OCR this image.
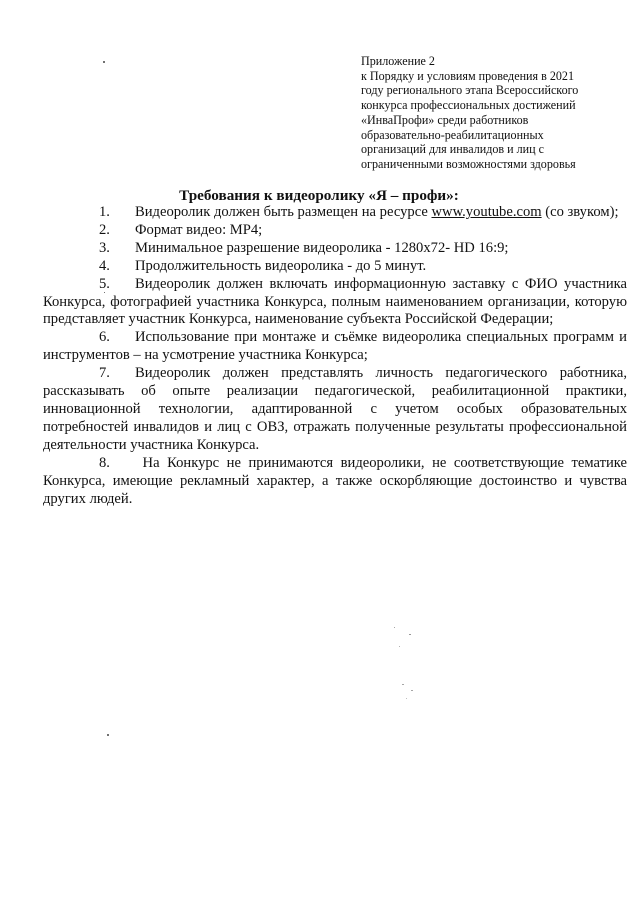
Приложение 2
к Порядку и условиям проведения в 2021
году регионального этапа Всероссийского
конкурса профессиональных достижений
«ИнваПрофи» среди работников
образовательно-реабилитационных
организаций для инвалидов и лиц с
ограниченными возможностями здоровья
Требования к видеоролику «Я – профи»:
1. Видеоролик должен быть размещен на ресурсе www.youtube.com (со звуком);
2. Формат видео: MP4;
3. Минимальное разрешение видеоролика - 1280х72- HD 16:9;
4. Продолжительность видеоролика - до 5 минут.
5. Видеоролик должен включать информационную заставку с ФИО участника Конкурса, фотографией участника Конкурса, полным наименованием организации, которую представляет участник Конкурса, наименование субъекта Российской Федерации;
6. Использование при монтаже и съёмке видеоролика специальных программ и инструментов – на усмотрение участника Конкурса;
7. Видеоролик должен представлять личность педагогического работника, рассказывать об опыте реализации педагогической, реабилитационной практики, инновационной технологии, адаптированной с учетом особых образовательных потребностей инвалидов и лиц с ОВЗ, отражать полученные результаты профессиональной деятельности участника Конкурса.
8. На Конкурс не принимаются видеоролики, не соответствующие тематике Конкурса, имеющие рекламный характер, а также оскорбляющие достоинство и чувства других людей.
